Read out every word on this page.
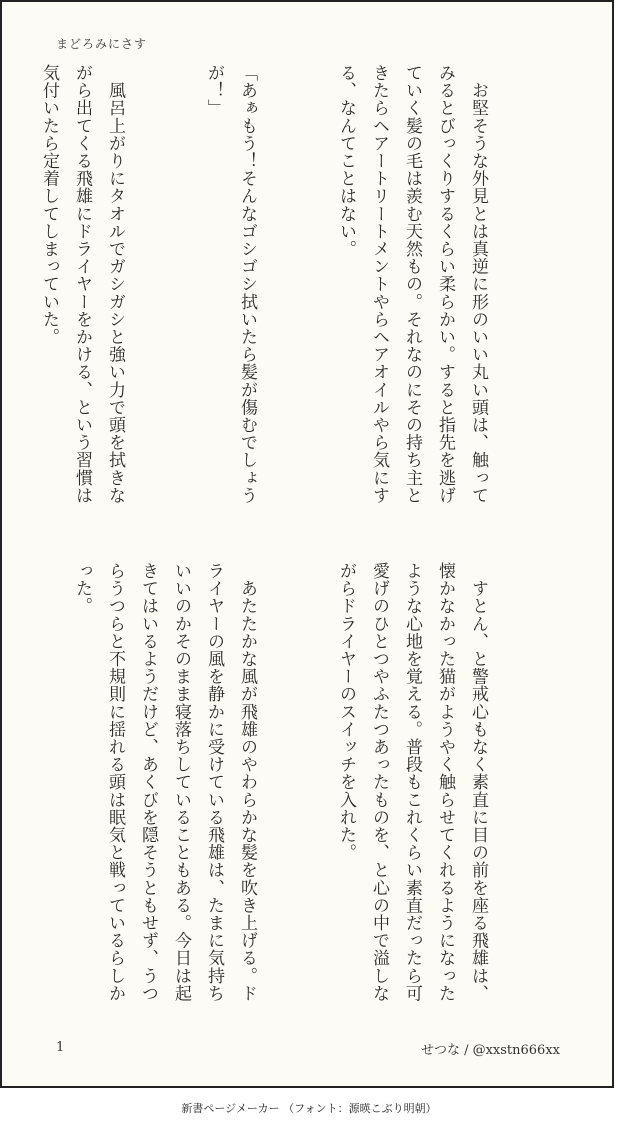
まどろみにさす

　お堅そうな外見とは真逆に形のいい丸い頭は、触ってみるとびっくりするくらい柔らかい。すると指先を逃げていく髪の毛は羨む天然もの。それなのにその持ち主ときたらヘアートリートメントやらヘアオイルやら気にする、なんてことはない。

「あぁもう！そんなゴシゴシ拭いたら髪が傷むでしょうが！」

　風呂上がりにタオルでガシガシと強い力で頭を拭きながら出てくる飛雄にドライヤーをかける、という習慣は気付いたら定着してしまっていた。

　すとん、と警戒心もなく素直に目の前を座る飛雄は、懐かなかった猫がようやく触らせてくれるようになったような心地を覚える。普段もこれくらい素直だったら可愛げのひとつやふたつあったものを、と心の中で溢しながらドライヤーのスイッチを入れた。

　あたたかな風が飛雄のやわらかな髪を吹き上げる。ドライヤーの風を静かに受けている飛雄は、たまに気持ちいいのかそのまま寝落ちしていることもある。今日は起きてはいるようだけど、あくびを隠そうともせず、うつらうつらと不規則に揺れる頭は眠気と戦っているらしかった。

1	せつな / @xxstn666xx
新書ページメーカー （フォント：源暎こぶり明朝）
